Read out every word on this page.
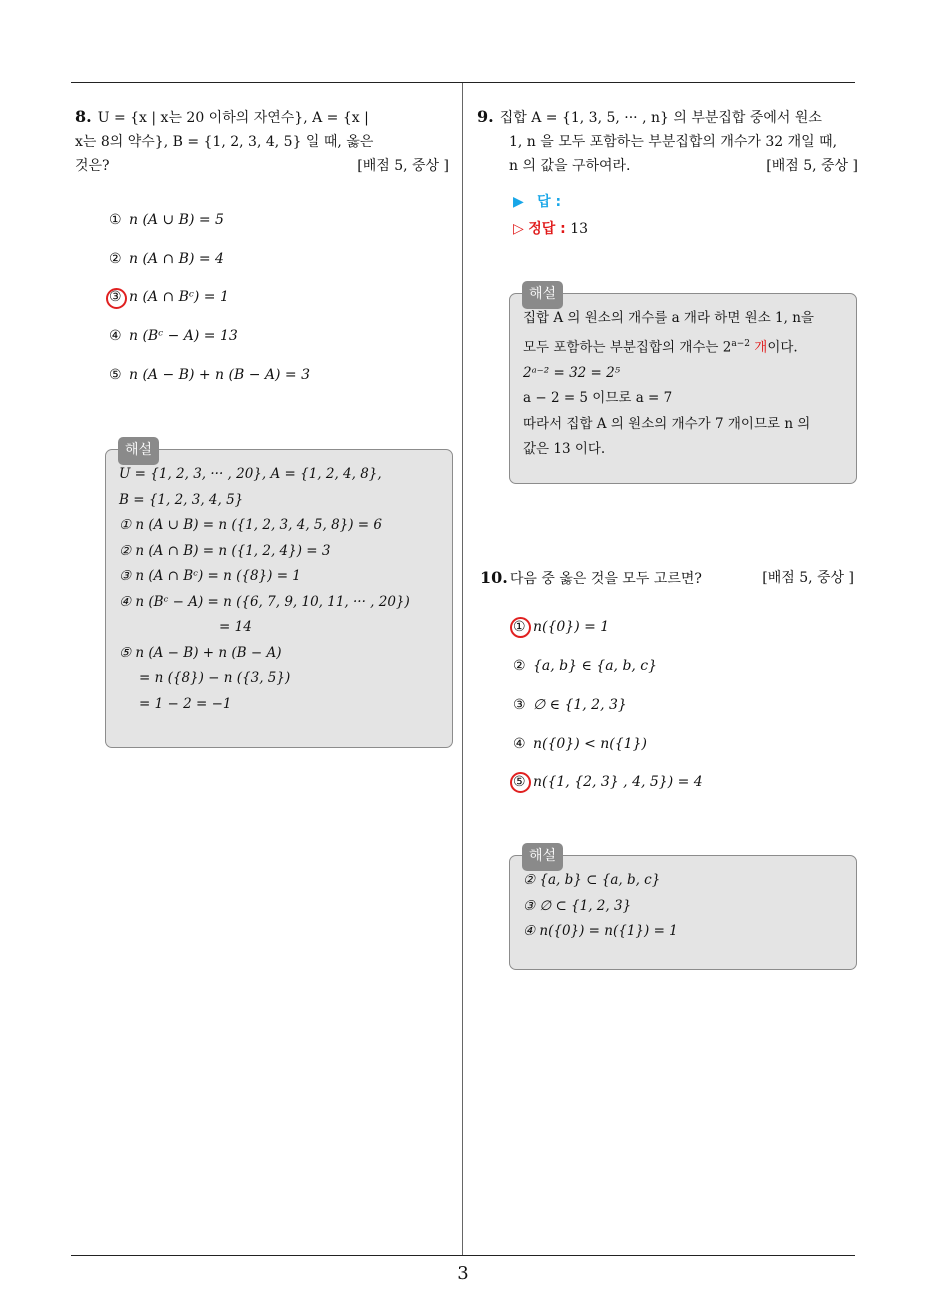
8. U = {x | x는 20 이하의 자연수}, A = {x |
x는 8의 약수}, B = {1, 2, 3, 4, 5} 일 때, 옳은
것은?	[배점 5, 중상 ]
① n (A ∪ B) = 5
② n (A ∩ B) = 4
③ n (A ∩ Bᶜ) = 1
④ n (Bᶜ − A) = 13
⑤ n (A − B) + n (B − A) = 3
해설
U = {1, 2, 3, ··· , 20}, A = {1, 2, 4, 8},
B = {1, 2, 3, 4, 5}
① n (A ∪ B) = n ({1, 2, 3, 4, 5, 8}) = 6
② n (A ∩ B) = n ({1, 2, 4}) = 3
③ n (A ∩ Bᶜ) = n ({8}) = 1
④ n (Bᶜ − A) = n ({6, 7, 9, 10, 11, ··· , 20})
= 14
⑤ n (A − B) + n (B − A)
= n ({8}) − n ({3, 5})
= 1 − 2 = −1
9. 집합 A = {1, 3, 5, ··· , n} 의 부분집합 중에서 원소
1, n 을 모두 포함하는 부분집합의 개수가 32 개일 때,
n 의 값을 구하여라.	[배점 5, 중상 ]
▶ 답 :
▷ 정답 : 13
해설
집합 A 의 원소의 개수를 a 개라 하면 원소 1, n을
모두 포함하는 부분집합의 개수는 $2^{a-2}$ 개이다.
2ᵃ⁻² = 32 = 2⁵
a − 2 = 5 이므로 a = 7
따라서 집합 A 의 원소의 개수가 7 개이므로 n 의
값은 13 이다.
10. 다음 중 옳은 것을 모두 고르면?	[배점 5, 중상 ]
① n({0}) = 1
② {a, b} ∈ {a, b, c}
③ ∅ ∈ {1, 2, 3}
④ n({0}) < n({1})
⑤ n({1, {2, 3} , 4, 5}) = 4
해설
② {a, b} ⊂ {a, b, c}
③ ∅ ⊂ {1, 2, 3}
④ n({0}) = n({1}) = 1
3
